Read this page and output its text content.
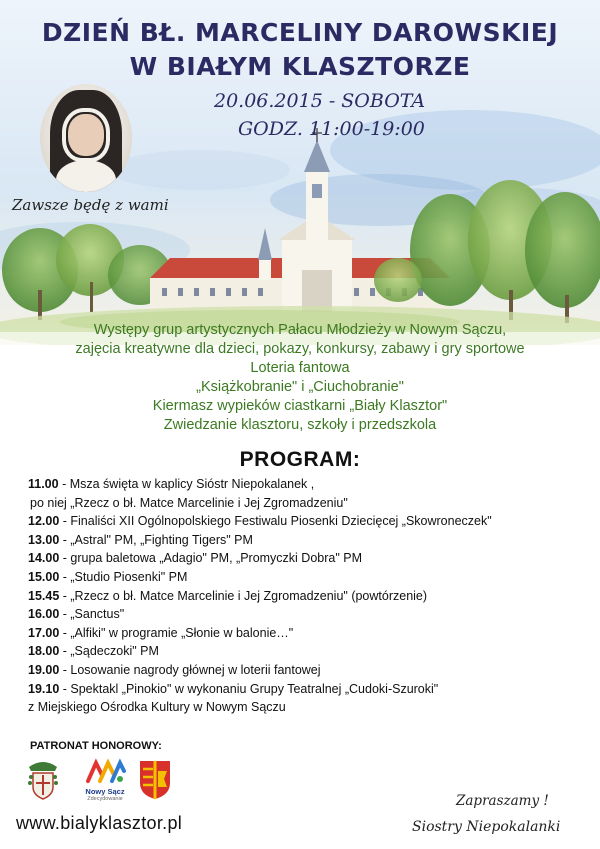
DZIEŃ BŁ. MARCELINY DAROWSKIEJ
W BIAŁYM KLASZTORZE
20.06.2015 - SOBOTA
GODZ. 11:00-19:00
Zawsze będę z wami
Występy grup artystycznych Pałacu Młodzieży w Nowym Sączu,
zajęcia kreatywne dla dzieci, pokazy, konkursy, zabawy i gry sportowe
Loteria fantowa
„Książkobranie" i „Ciuchobranie"
Kiermasz wypieków ciastkarni „Biały Klasztor"
Zwiedzanie klasztoru, szkoły i przedszkola
PROGRAM:
11.00 - Msza święta w kaplicy Sióstr Niepokalanek ,
po niej „Rzecz o bł. Matce Marcelinie i Jej Zgromadzeniu"
12.00 - Finaliści XII Ogólnopolskiego Festiwalu Piosenki Dziecięcej „Skowroneczek"
13.00 - „Astral" PM, „Fighting Tigers" PM
14.00 - grupa baletowa „Adagio" PM, „Promyczki Dobra" PM
15.00 - „Studio Piosenki" PM
15.45 - „Rzecz o bł. Matce Marcelinie i Jej Zgromadzeniu" (powtórzenie)
16.00 - „Sanctus"
17.00 - „Alfiki" w programie „Słonie w balonie…"
18.00 - „Sądeczoki" PM
19.00 - Losowanie nagrody głównej w loterii fantowej
19.10 - Spektakl „Pinokio" w wykonaniu Grupy Teatralnej „Cudoki-Szuroki"
z Miejskiego Ośrodka Kultury w Nowym Sączu
PATRONAT HONOROWY:
Nowy Sącz
Zdecydowanie
www.bialyklasztor.pl
Zapraszamy !
Siostry Niepokalanki
